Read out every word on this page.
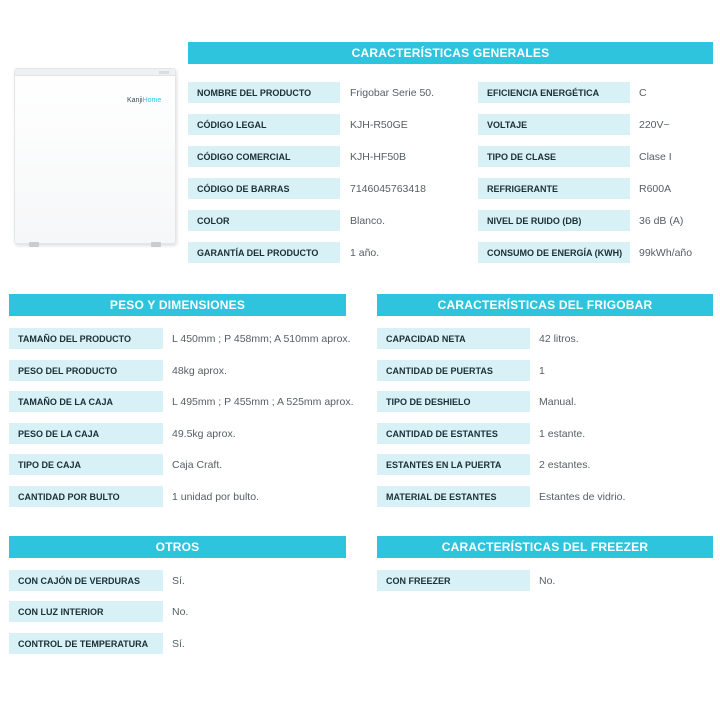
KanjiHome
CARACTERÍSTICAS GENERALES
NOMBRE DEL PRODUCTO	Frigobar Serie 50.
CÓDIGO LEGAL	KJH-R50GE
CÓDIGO COMERCIAL	KJH-HF50B
CÓDIGO DE BARRAS	7146045763418
COLOR	Blanco.
GARANTÍA DEL PRODUCTO	1 año.
EFICIENCIA ENERGÉTICA	C
VOLTAJE	220V~
TIPO DE CLASE	Clase I
REFRIGERANTE	R600A
NIVEL DE RUIDO (DB)	36 dB (A)
CONSUMO DE ENERGÍA (KWH)	99kWh/año
PESO Y DIMENSIONES
TAMAÑO DEL PRODUCTO	L 450mm ; P 458mm; A 510mm aprox.
PESO DEL PRODUCTO	48kg aprox.
TAMAÑO DE LA CAJA	L 495mm ; P 455mm ; A 525mm aprox.
PESO DE LA CAJA	49.5kg aprox.
TIPO DE CAJA	Caja Craft.
CANTIDAD POR BULTO	1 unidad por bulto.
CARACTERÍSTICAS DEL FRIGOBAR
CAPACIDAD NETA	42 litros.
CANTIDAD DE PUERTAS	1
TIPO DE DESHIELO	Manual.
CANTIDAD DE ESTANTES	1 estante.
ESTANTES EN LA PUERTA	2 estantes.
MATERIAL DE ESTANTES	Estantes de vidrio.
OTROS
CON CAJÓN DE VERDURAS	Sí.
CON LUZ INTERIOR	No.
CONTROL DE TEMPERATURA	Sí.
CARACTERÍSTICAS DEL FREEZER
CON FREEZER	No.
